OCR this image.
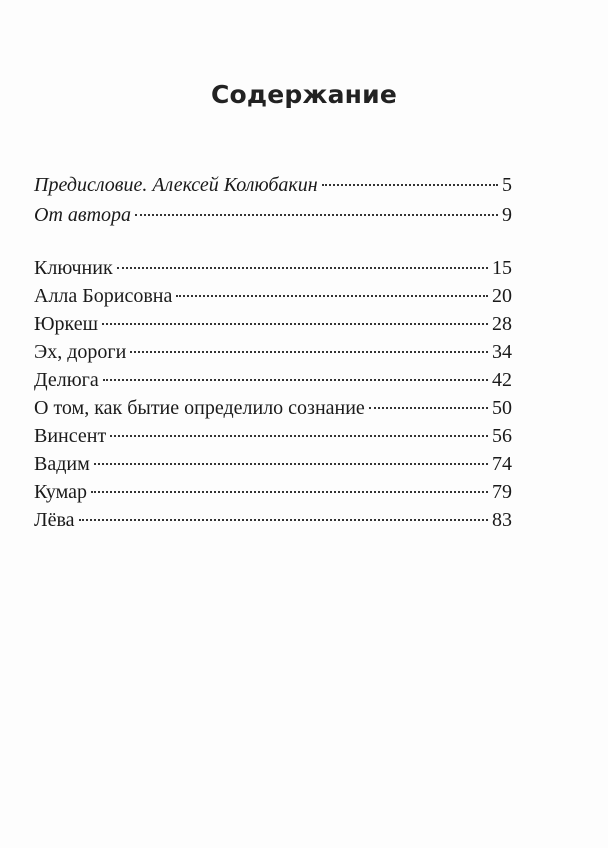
Содержание
Предисловие. Алексей Колюбакин	5
От автора	9
Ключник	15
Алла Борисовна	20
Юркеш	28
Эх, дороги	34
Делюга	42
О том, как бытие определило сознание	50
Винсент	56
Вадим	74
Кумар	79
Лёва	83
